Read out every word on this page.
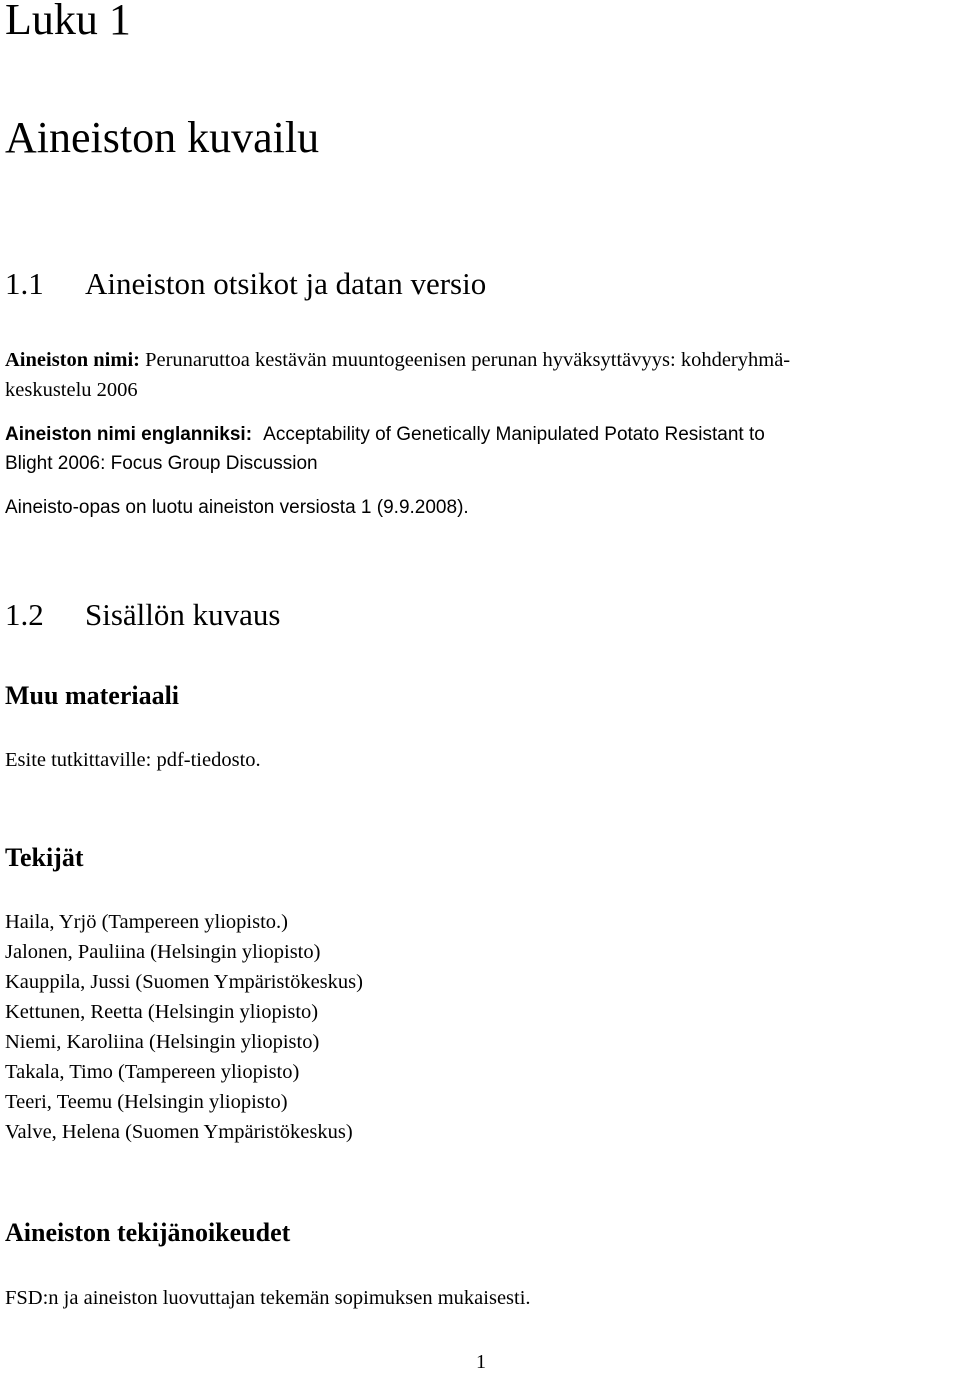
Luku 1
Aineiston kuvailu
1.1 Aineiston otsikot ja datan versio
Aineiston nimi: Perunaruttoa kestävän muuntogeenisen perunan hyväksyttävyys: kohderyhmä-
keskustelu 2006
Aineiston nimi englanniksi: Acceptability of Genetically Manipulated Potato Resistant to
Blight 2006: Focus Group Discussion
Aineisto-opas on luotu aineiston versiosta 1 (9.9.2008).
1.2 Sisällön kuvaus
Muu materiaali
Esite tutkittaville: pdf-tiedosto.
Tekijät
Haila, Yrjö (Tampereen yliopisto.)
Jalonen, Pauliina (Helsingin yliopisto)
Kauppila, Jussi (Suomen Ympäristökeskus)
Kettunen, Reetta (Helsingin yliopisto)
Niemi, Karoliina (Helsingin yliopisto)
Takala, Timo (Tampereen yliopisto)
Teeri, Teemu (Helsingin yliopisto)
Valve, Helena (Suomen Ympäristökeskus)
Aineiston tekijänoikeudet
FSD:n ja aineiston luovuttajan tekemän sopimuksen mukaisesti.
1
